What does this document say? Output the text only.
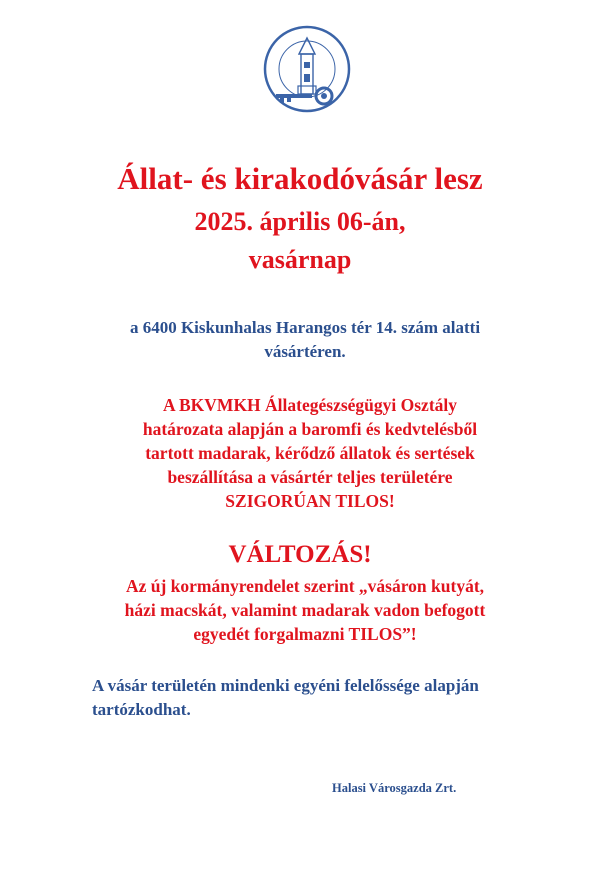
Állat- és kirakodóvásár lesz
2025. április 06-án,
vasárnap
a 6400 Kiskunhalas Harangos tér 14. szám alatti
vásártéren.
A BKVMKH Állategészségügyi Osztály
határozata alapján a baromfi és kedvtelésből
tartott madarak, kérődző állatok és sertések
beszállítása a vásártér teljes területére
SZIGORÚAN TILOS!
VÁLTOZÁS!
Az új kormányrendelet szerint „vásáron kutyát,
házi macskát, valamint madarak vadon befogott
egyedét forgalmazni TILOS”!
A vásár területén mindenki egyéni felelőssége alapján
tartózkodhat.
Halasi Városgazda Zrt.
